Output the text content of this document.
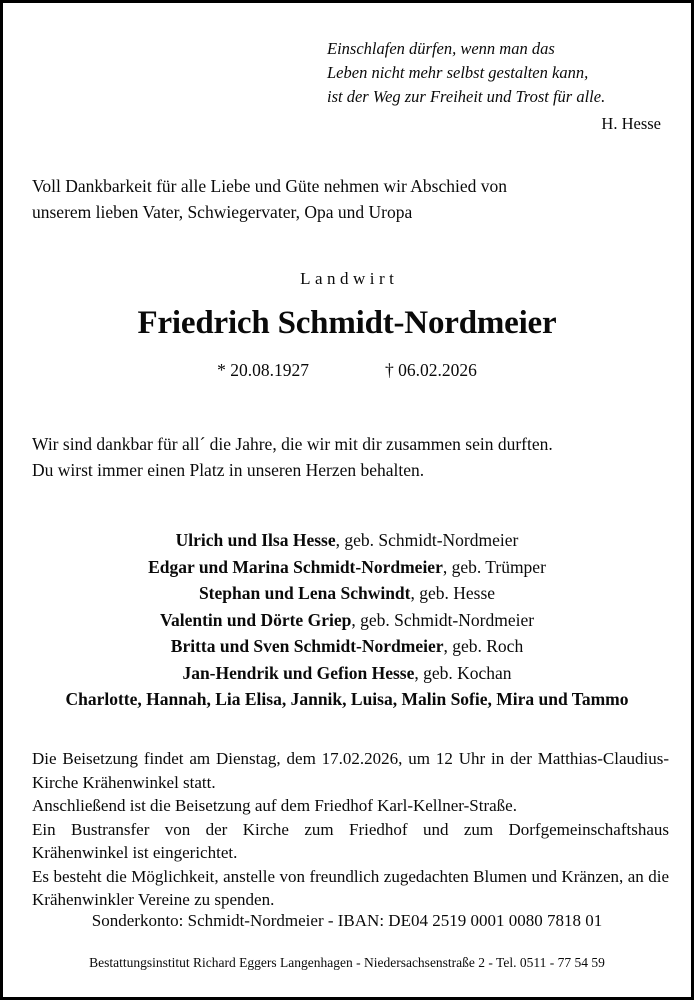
Einschlafen dürfen, wenn man das
Leben nicht mehr selbst gestalten kann,
ist der Weg zur Freiheit und Trost für alle.
H. Hesse
Voll Dankbarkeit für alle Liebe und Güte nehmen wir Abschied von
unserem lieben Vater, Schwiegervater, Opa und Uropa
Landwirt
Friedrich Schmidt-Nordmeier
* 20.08.1927	† 06.02.2026
Wir sind dankbar für all´ die Jahre, die wir mit dir zusammen sein durften.
Du wirst immer einen Platz in unseren Herzen behalten.
Ulrich und Ilsa Hesse, geb. Schmidt-Nordmeier
Edgar und Marina Schmidt-Nordmeier, geb. Trümper
Stephan und Lena Schwindt, geb. Hesse
Valentin und Dörte Griep, geb. Schmidt-Nordmeier
Britta und Sven Schmidt-Nordmeier, geb. Roch
Jan-Hendrik und Gefion Hesse, geb. Kochan
Charlotte, Hannah, Lia Elisa, Jannik, Luisa, Malin Sofie, Mira und Tammo

Die Beisetzung findet am Dienstag, dem 17.02.2026, um 12 Uhr in der Matthias-Claudius-Kirche Krähenwinkel statt.

Anschließend ist die Beisetzung auf dem Friedhof Karl-Kellner-Straße.

Ein Bustransfer von der Kirche zum Friedhof und zum Dorfgemeinschaftshaus Krähenwinkel ist eingerichtet.

Es besteht die Möglichkeit, anstelle von freundlich zugedachten Blumen und Kränzen, an die Krähenwinkler Vereine zu spenden.

Sonderkonto: Schmidt-Nordmeier - IBAN: DE04 2519 0001 0080 7818 01
Bestattungsinstitut Richard Eggers Langenhagen - Niedersachsenstraße 2 - Tel. 0511 - 77 54 59
